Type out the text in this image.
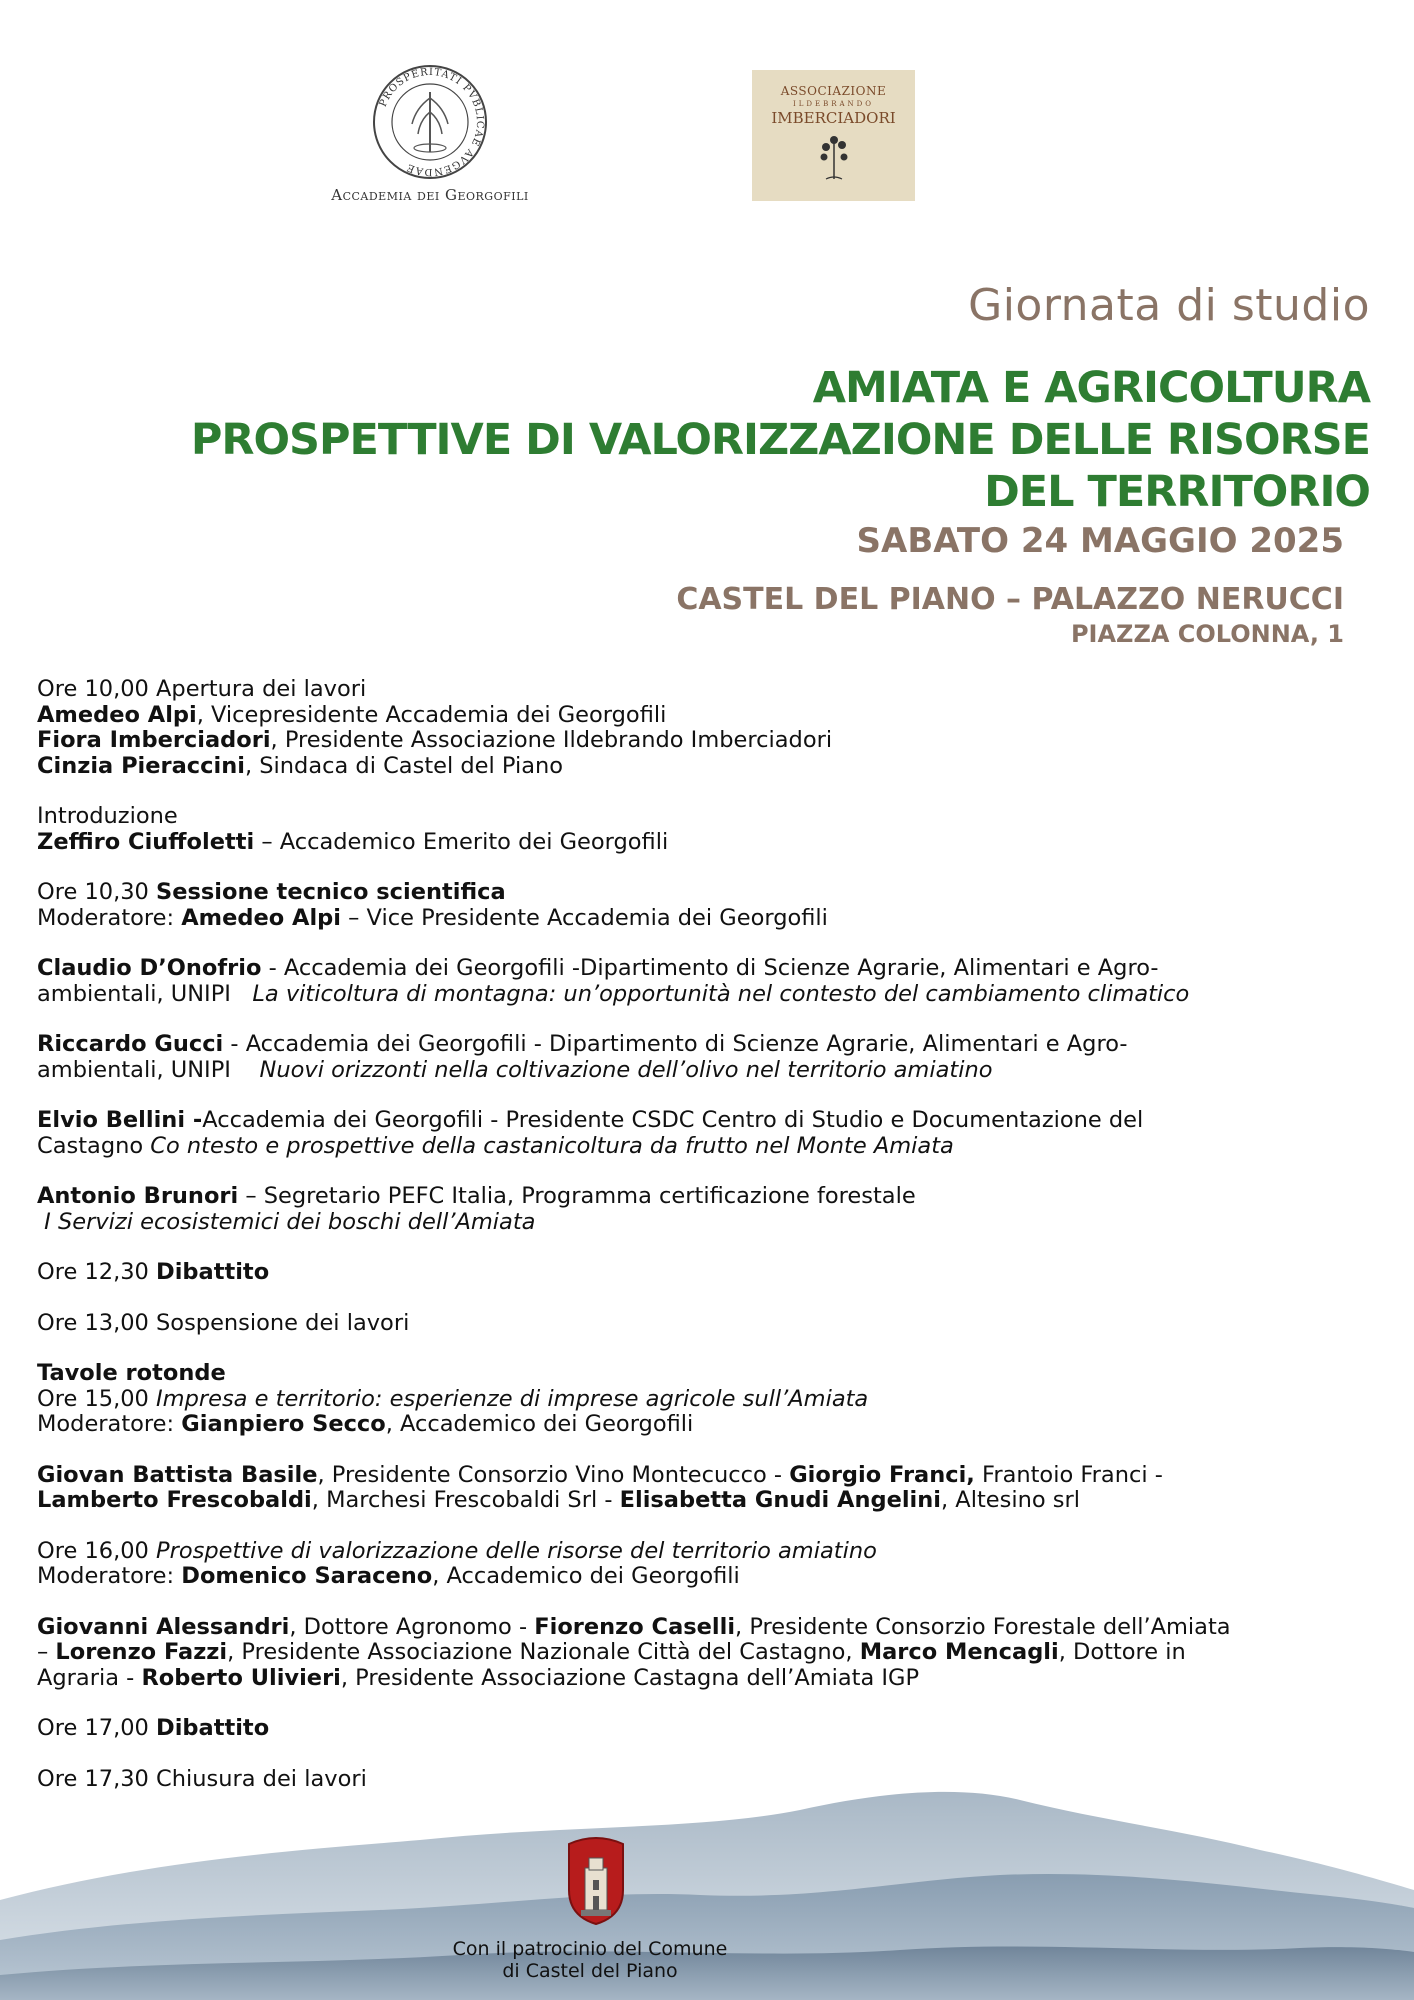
PROSPERITATI PVBLICAE AVGENDAE
Accademia dei Georgofili
ASSOCIAZIONE
ILDEBRANDO
IMBERCIADORI
Giornata di studio
AMIATA E AGRICOLTURA
PROSPETTIVE DI VALORIZZAZIONE DELLE RISORSE
DEL TERRITORIO
SABATO 24 MAGGIO 2025
CASTEL DEL PIANO – PALAZZO NERUCCI
PIAZZA COLONNA, 1

Ore 10,00 Apertura dei lavori
Amedeo Alpi, Vicepresidente Accademia dei Georgofili
Fiora Imberciadori, Presidente Associazione Ildebrando Imberciadori
Cinzia Pieraccini, Sindaca di Castel del Piano

Introduzione
Zeffiro Ciuffoletti – Accademico Emerito dei Georgofili

Ore 10,30 Sessione tecnico scientifica
Moderatore: Amedeo Alpi – Vice Presidente Accademia dei Georgofili

Claudio D’Onofrio - Accademia dei Georgofili -Dipartimento di Scienze Agrarie, Alimentari e Agro-
ambientali, UNIPI   La viticoltura di montagna: un’opportunità nel contesto del cambiamento climatico

Riccardo Gucci - Accademia dei Georgofili - Dipartimento di Scienze Agrarie, Alimentari e Agro-
ambientali, UNIPI    Nuovi orizzonti nella coltivazione dell’olivo nel territorio amiatino

Elvio Bellini -Accademia dei Georgofili - Presidente CSDC Centro di Studio e Documentazione del
Castagno Co ntesto e prospettive della castanicoltura da frutto nel Monte Amiata

Antonio Brunori – Segretario PEFC Italia, Programma certificazione forestale
I Servizi ecosistemici dei boschi dell’Amiata

Ore 12,30 Dibattito

Ore 13,00 Sospensione dei lavori

Tavole rotonde
Ore 15,00 Impresa e territorio: esperienze di imprese agricole sull’Amiata
Moderatore: Gianpiero Secco, Accademico dei Georgofili

Giovan Battista Basile, Presidente Consorzio Vino Montecucco - Giorgio Franci, Frantoio Franci -
Lamberto Frescobaldi, Marchesi Frescobaldi Srl - Elisabetta Gnudi Angelini, Altesino srl

Ore 16,00 Prospettive di valorizzazione delle risorse del territorio amiatino
Moderatore: Domenico Saraceno, Accademico dei Georgofili

Giovanni Alessandri, Dottore Agronomo - Fiorenzo Caselli, Presidente Consorzio Forestale dell’Amiata
– Lorenzo Fazzi, Presidente Associazione Nazionale Città del Castagno, Marco Mencagli, Dottore in
Agraria - Roberto Ulivieri, Presidente Associazione Castagna dell’Amiata IGP

Ore 17,00 Dibattito

Ore 17,30 Chiusura dei lavori

Con il patrocinio del Comune
di Castel del Piano
